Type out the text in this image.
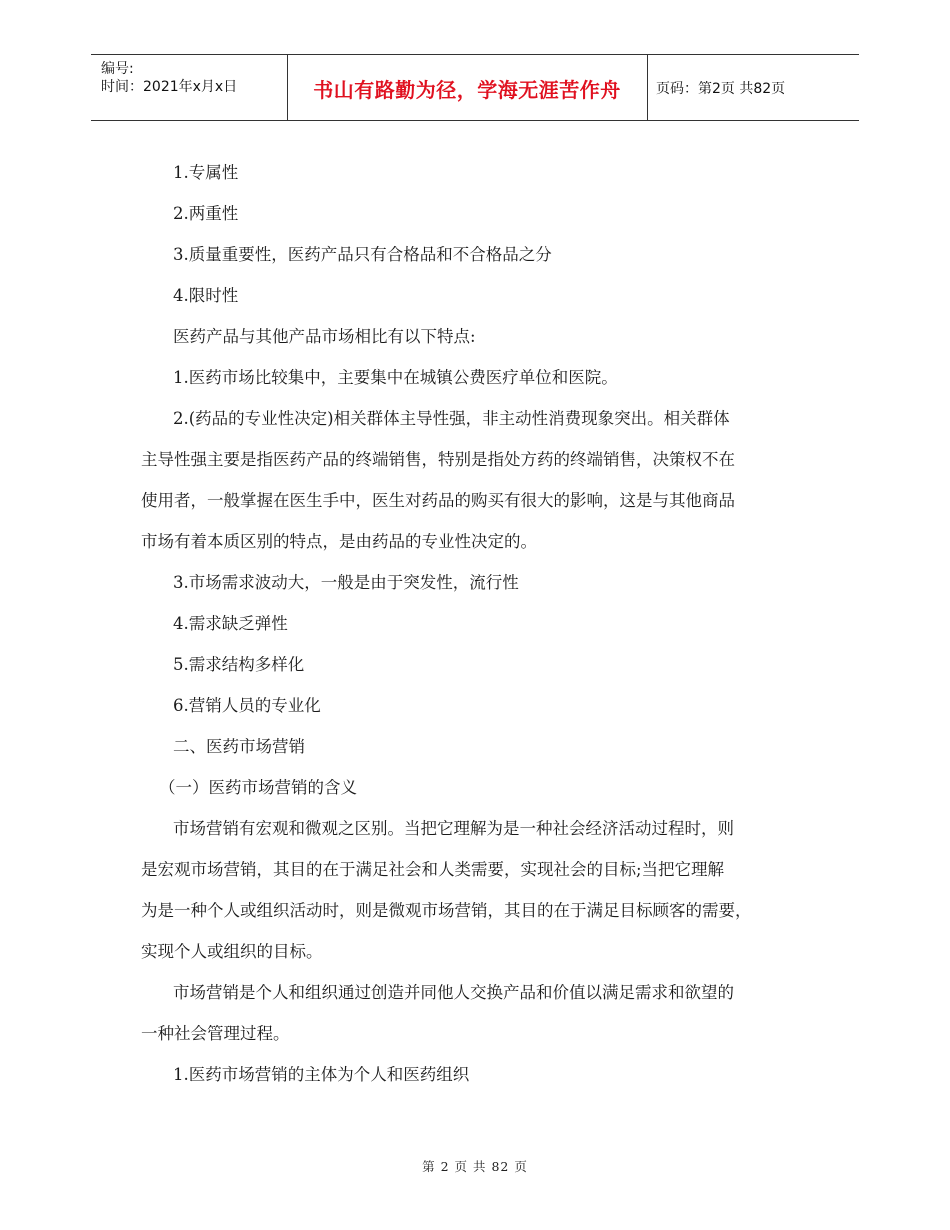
编号:
时间：2021年x月x日	书山有路勤为径，学海无涯苦作舟	页码：第2页 共82页
1.专属性
2.两重性
3.质量重要性，医药产品只有合格品和不合格品之分
4.限时性
医药产品与其他产品市场相比有以下特点:
1.医药市场比较集中，主要集中在城镇公费医疗单位和医院。
2.(药品的专业性决定)相关群体主导性强，非主动性消费现象突出。相关群体
主导性强主要是指医药产品的终端销售，特别是指处方药的终端销售，决策权不在
使用者，一般掌握在医生手中，医生对药品的购买有很大的影响，这是与其他商品
市场有着本质区别的特点，是由药品的专业性决定的。
3.市场需求波动大，一般是由于突发性，流行性
4.需求缺乏弹性
5.需求结构多样化
6.营销人员的专业化
二、医药市场营销
（一）医药市场营销的含义
市场营销有宏观和微观之区别。当把它理解为是一种社会经济活动过程时，则
是宏观市场营销，其目的在于满足社会和人类需要，实现社会的目标;当把它理解
为是一种个人或组织活动时，则是微观市场营销，其目的在于满足目标顾客的需要，
实现个人或组织的目标。
市场营销是个人和组织通过创造并同他人交换产品和价值以满足需求和欲望的
一种社会管理过程。
1.医药市场营销的主体为个人和医药组织
第 2 页 共 82 页
